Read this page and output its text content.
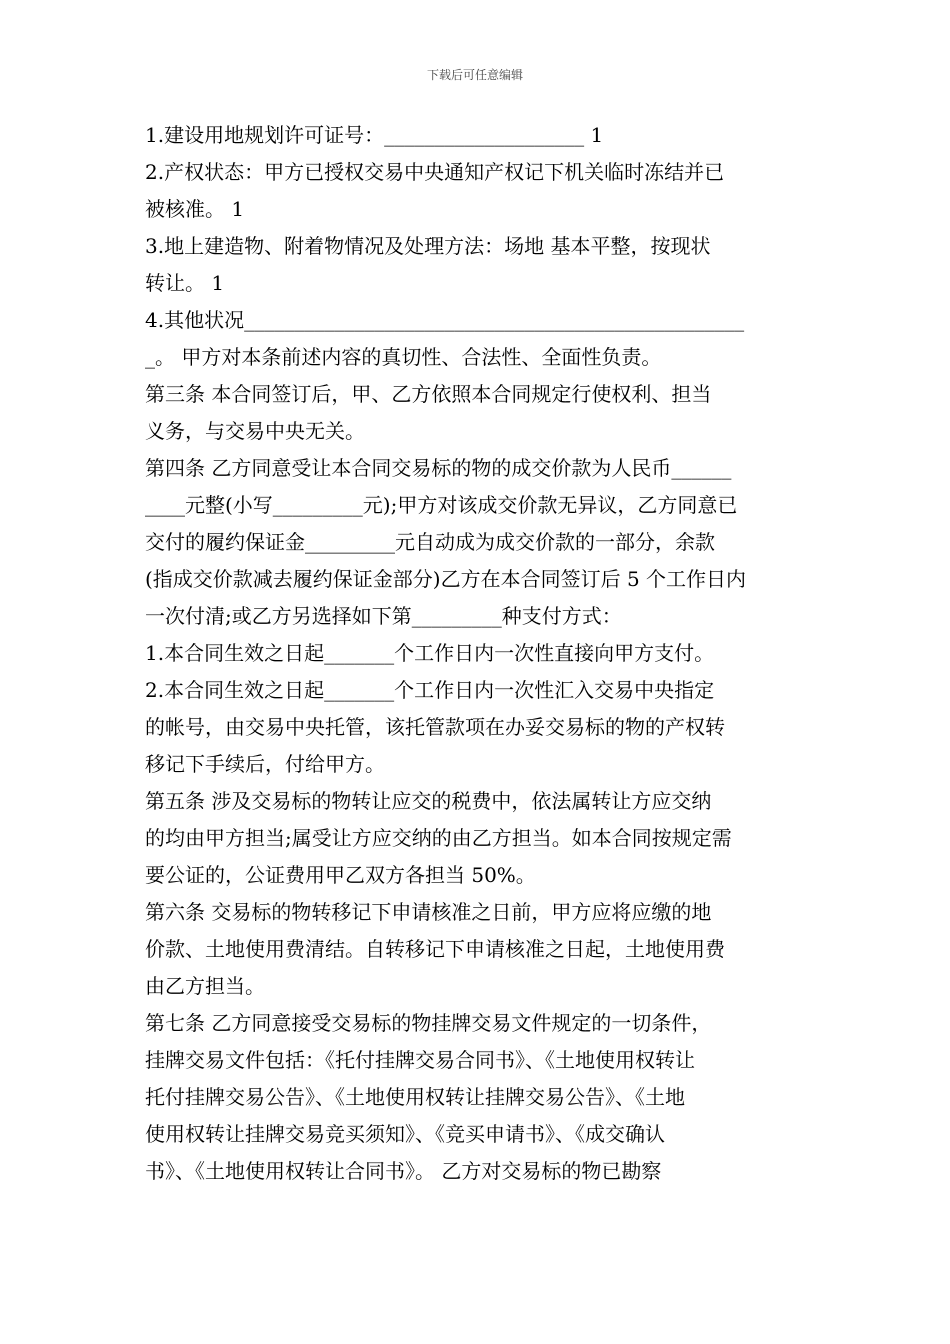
下载后可任意编辑

1.建设用地规划许可证号：____________________ 1

2.产权状态：甲方已授权交易中央通知产权记下机关临时冻结并已

被核准。 1

3.地上建造物、附着物情况及处理方法：场地 基本平整，按现状

转让。 1

4.其他状况__________________________________________________

_。 甲方对本条前述内容的真切性、合法性、全面性负责。

第三条 本合同签订后，甲、乙方依照本合同规定行使权利、担当

义务，与交易中央无关。

第四条 乙方同意受让本合同交易标的物的成交价款为人民币______

____元整(小写_________元);甲方对该成交价款无异议，乙方同意已

交付的履约保证金_________元自动成为成交价款的一部分，余款

(指成交价款减去履约保证金部分)乙方在本合同签订后 5 个工作日内

一次付清;或乙方另选择如下第_________种支付方式：

1.本合同生效之日起_______个工作日内一次性直接向甲方支付。

2.本合同生效之日起_______个工作日内一次性汇入交易中央指定

的帐号，由交易中央托管，该托管款项在办妥交易标的物的产权转

移记下手续后，付给甲方。

第五条 涉及交易标的物转让应交的税费中，依法属转让方应交纳

的均由甲方担当;属受让方应交纳的由乙方担当。如本合同按规定需

要公证的，公证费用甲乙双方各担当 50%。

第六条 交易标的物转移记下申请核准之日前，甲方应将应缴的地

价款、土地使用费清结。自转移记下申请核准之日起，土地使用费

由乙方担当。

第七条 乙方同意接受交易标的物挂牌交易文件规定的一切条件，

挂牌交易文件包括：《托付挂牌交易合同书》、《土地使用权转让

托付挂牌交易公告》、《土地使用权转让挂牌交易公告》、《土地

使用权转让挂牌交易竞买须知》、《竞买申请书》、《成交确认

书》、《土地使用权转让合同书》。 乙方对交易标的物已勘察
